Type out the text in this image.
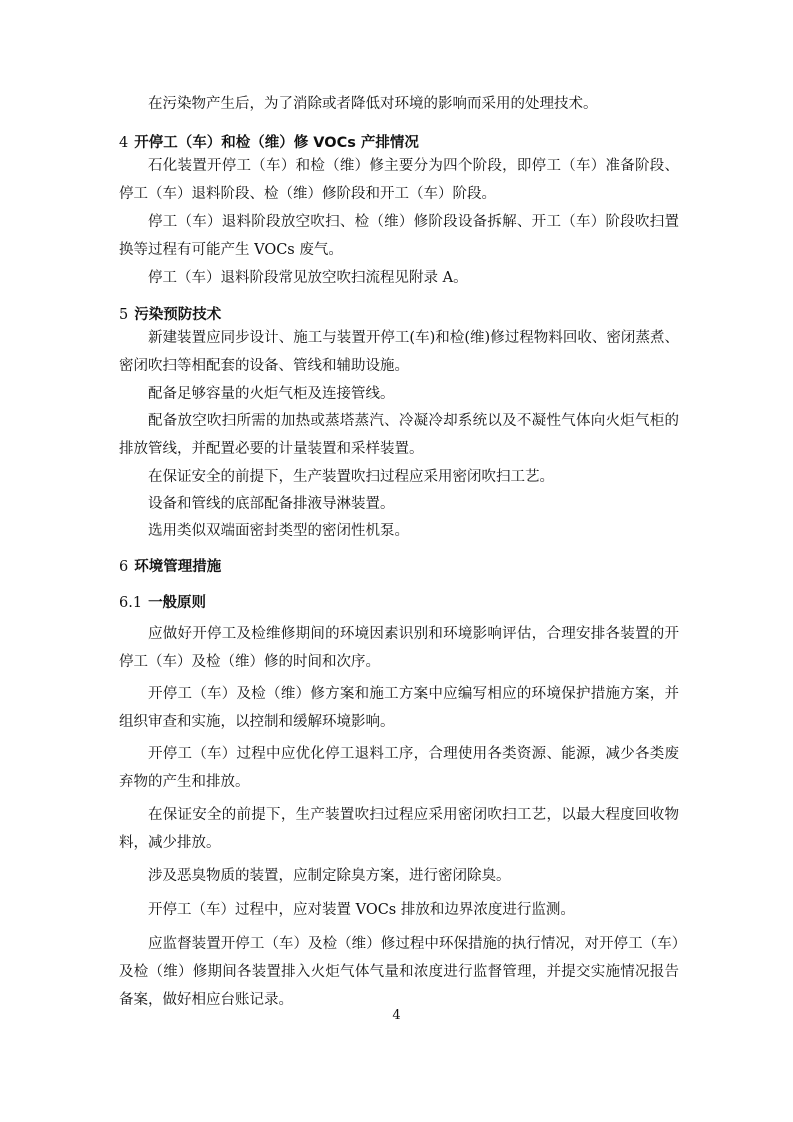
在污染物产生后，为了消除或者降低对环境的影响而采用的处理技术。

4 开停工（车）和检（维）修 VOCs 产排情况

石化装置开停工（车）和检（维）修主要分为四个阶段，即停工（车）准备阶段、停工（车）退料阶段、检（维）修阶段和开工（车）阶段。

停工（车）退料阶段放空吹扫、检（维）修阶段设备拆解、开工（车）阶段吹扫置换等过程有可能产生 VOCs 废气。

停工（车）退料阶段常见放空吹扫流程见附录 A。

5 污染预防技术

新建装置应同步设计、施工与装置开停工(车)和检(维)修过程物料回收、密闭蒸煮、密闭吹扫等相配套的设备、管线和辅助设施。

配备足够容量的火炬气柜及连接管线。

配备放空吹扫所需的加热或蒸塔蒸汽、冷凝冷却系统以及不凝性气体向火炬气柜的排放管线，并配置必要的计量装置和采样装置。

在保证安全的前提下，生产装置吹扫过程应采用密闭吹扫工艺。

设备和管线的底部配备排液导淋装置。

选用类似双端面密封类型的密闭性机泵。

6 环境管理措施
6.1 一般原则

应做好开停工及检维修期间的环境因素识别和环境影响评估，合理安排各装置的开停工（车）及检（维）修的时间和次序。

开停工（车）及检（维）修方案和施工方案中应编写相应的环境保护措施方案，并组织审查和实施，以控制和缓解环境影响。

开停工（车）过程中应优化停工退料工序，合理使用各类资源、能源，减少各类废弃物的产生和排放。

在保证安全的前提下，生产装置吹扫过程应采用密闭吹扫工艺，以最大程度回收物料，减少排放。

涉及恶臭物质的装置，应制定除臭方案，进行密闭除臭。

开停工（车）过程中，应对装置 VOCs 排放和边界浓度进行监测。

应监督装置开停工（车）及检（维）修过程中环保措施的执行情况，对开停工（车）及检（维）修期间各装置排入火炬气体气量和浓度进行监督管理，并提交实施情况报告备案，做好相应台账记录。

4
